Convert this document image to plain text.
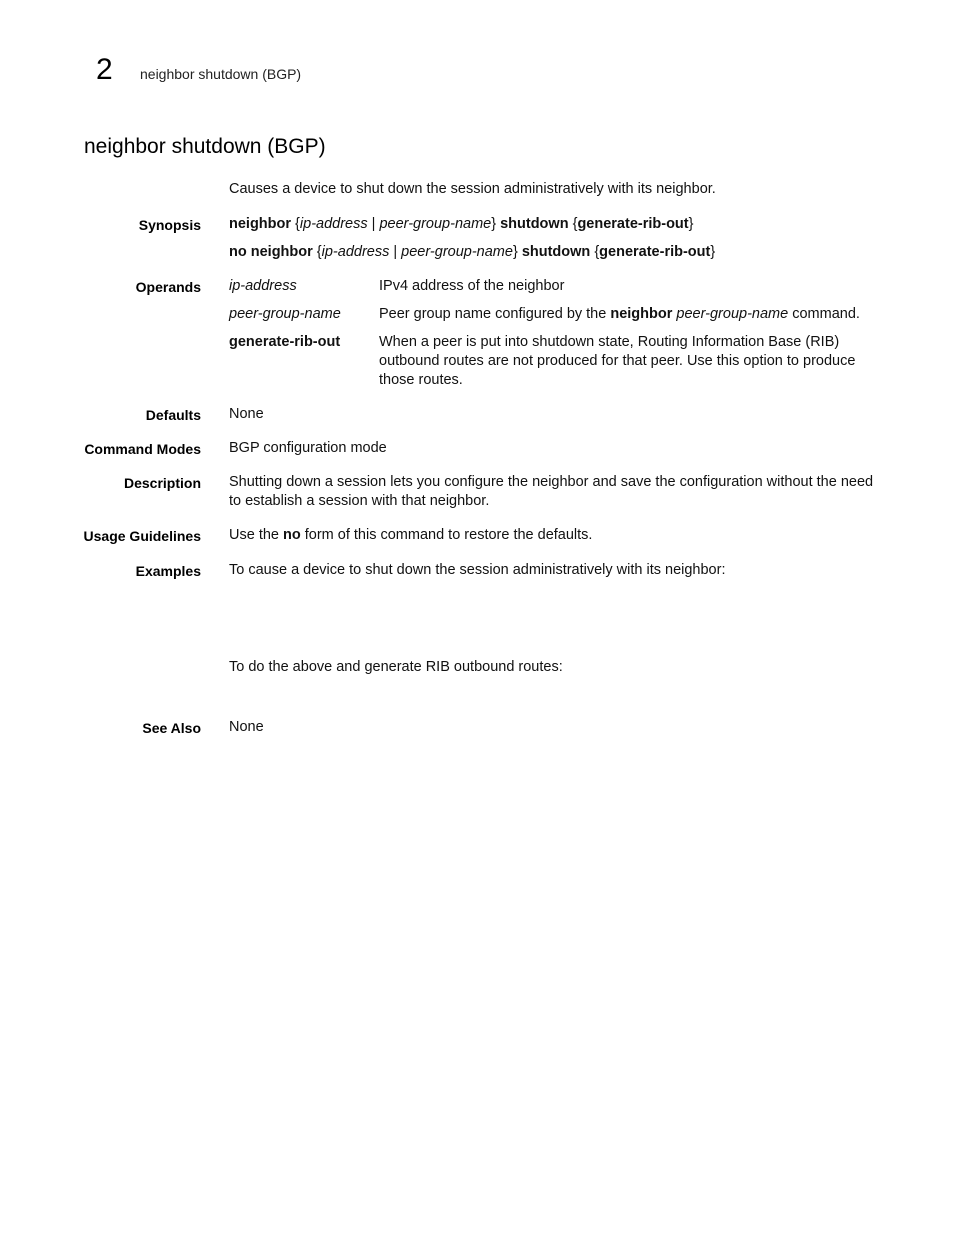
2 neighbor shutdown (BGP)
neighbor shutdown (BGP)
Causes a device to shut down the session administratively with its neighbor.
Synopsis neighbor {ip-address | peer-group-name} shutdown {generate-rib-out}
no neighbor {ip-address | peer-group-name} shutdown {generate-rib-out}
Operands ip-address	IPv4 address of the neighbor
peer-group-name	Peer group name configured by the neighbor peer-group-name command.
generate-rib-out	When a peer is put into shutdown state, Routing Information Base (RIB) outbound routes are not produced for that peer. Use this option to produce those routes.
Defaults None
Command Modes BGP configuration mode
Description Shutting down a session lets you configure the neighbor and save the configuration without the need to establish a session with that neighbor.
Usage Guidelines Use the no form of this command to restore the defaults.
Examples To cause a device to shut down the session administratively with its neighbor:
To do the above and generate RIB outbound routes:
See Also None
